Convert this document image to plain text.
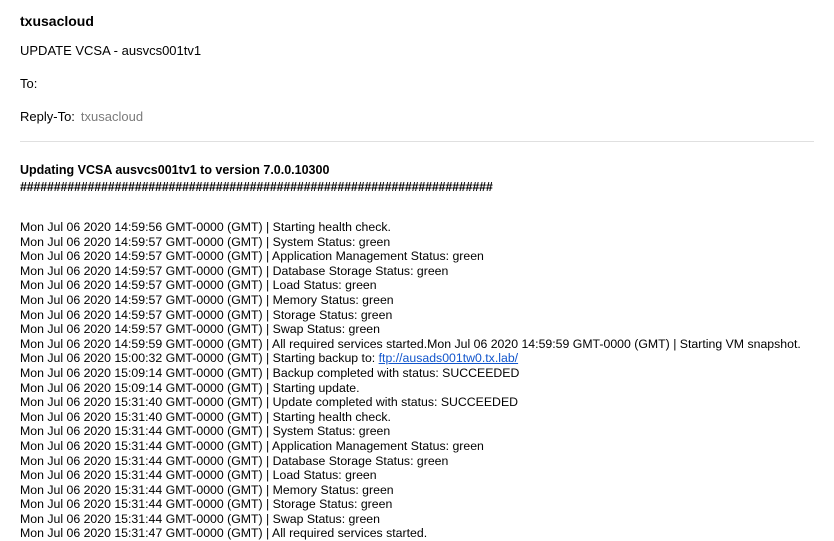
txusacloud
UPDATE VCSA - ausvcs001tv1
To:
Reply-To: txusacloud
Updating VCSA ausvcs001tv1 to version 7.0.0.10300
######################################################################
Mon Jul 06 2020 14:59:56 GMT-0000 (GMT) | Starting health check.
Mon Jul 06 2020 14:59:57 GMT-0000 (GMT) | System Status: green
Mon Jul 06 2020 14:59:57 GMT-0000 (GMT) | Application Management Status: green
Mon Jul 06 2020 14:59:57 GMT-0000 (GMT) | Database Storage Status: green
Mon Jul 06 2020 14:59:57 GMT-0000 (GMT) | Load Status: green
Mon Jul 06 2020 14:59:57 GMT-0000 (GMT) | Memory Status: green
Mon Jul 06 2020 14:59:57 GMT-0000 (GMT) | Storage Status: green
Mon Jul 06 2020 14:59:57 GMT-0000 (GMT) | Swap Status: green
Mon Jul 06 2020 14:59:59 GMT-0000 (GMT) | All required services started.Mon Jul 06 2020 14:59:59 GMT-0000 (GMT) | Starting VM snapshot.
Mon Jul 06 2020 15:00:32 GMT-0000 (GMT) | Starting backup to: ftp://ausads001tw0.tx.lab/
Mon Jul 06 2020 15:09:14 GMT-0000 (GMT) | Backup completed with status: SUCCEEDED
Mon Jul 06 2020 15:09:14 GMT-0000 (GMT) | Starting update.
Mon Jul 06 2020 15:31:40 GMT-0000 (GMT) | Update completed with status: SUCCEEDED
Mon Jul 06 2020 15:31:40 GMT-0000 (GMT) | Starting health check.
Mon Jul 06 2020 15:31:44 GMT-0000 (GMT) | System Status: green
Mon Jul 06 2020 15:31:44 GMT-0000 (GMT) | Application Management Status: green
Mon Jul 06 2020 15:31:44 GMT-0000 (GMT) | Database Storage Status: green
Mon Jul 06 2020 15:31:44 GMT-0000 (GMT) | Load Status: green
Mon Jul 06 2020 15:31:44 GMT-0000 (GMT) | Memory Status: green
Mon Jul 06 2020 15:31:44 GMT-0000 (GMT) | Storage Status: green
Mon Jul 06 2020 15:31:44 GMT-0000 (GMT) | Swap Status: green
Mon Jul 06 2020 15:31:47 GMT-0000 (GMT) | All required services started.
